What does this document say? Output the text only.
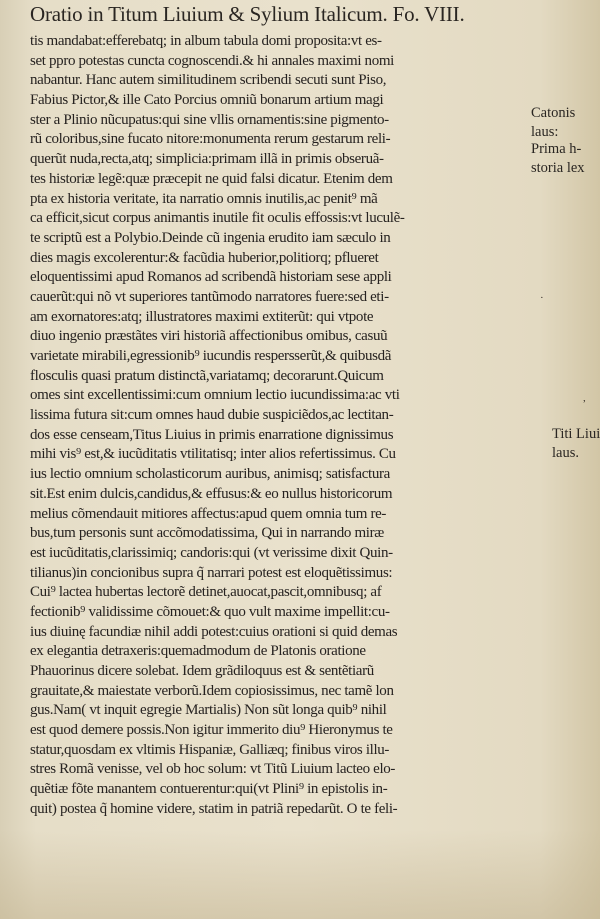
Oratio in Titum Liuium & Sylium Italicum. Fo. VIII.
tis mandabat:efferebatq; in album tabula domi proposita:vt es-
set ppro potestas cuncta cognoscendi.& hi annales maximi nomi
nabantur. Hanc autem similitudinem scribendi secuti sunt Piso,
Fabius Pictor,& ille Cato Porcius omniũ bonarum artium magi
ster a Plinio nũcupatus:qui sine vllis ornamentis:sine pigmento-
rũ coloribus,sine fucato nitore:monumenta rerum gestarum reli-
querũt nuda,recta,atq; simplicia:primam illã in primis obseruã-
tes historiæ legẽ:quæ præcepit ne quid falsi dicatur. Etenim dem
pta ex historia veritate, ita narratio omnis inutilis,ac penit⁹ mã
ca efficit,sicut corpus animantis inutile fit oculis effossis:vt luculẽ-
te scriptũ est a Polybio.Deinde cũ ingenia erudito iam sæculo in
dies magis excolerentur:& facũdia huberior,politiorq; pflueret
eloquentissimi apud Romanos ad scribendã historiam sese appli
cauerũt:qui nõ vt superiores tantũmodo narratores fuere:sed eti-
am exornatores:atq; illustratores maximi extiterũt: qui vtpote
diuo ingenio præstãtes viri historiã affectionibus omibus, casuũ
varietate mirabili,egressionib⁹ iucundis respersserũt,& quibusdã
flosculis quasi pratum distinctã,variatamq; decorarunt.Quicum
omes sint excellentissimi:cum omnium lectio iucundissima:ac vti
lissima futura sit:cum omnes haud dubie suspiciẽdos,ac lectitan-
dos esse censeam,Titus Liuius in primis enarratione dignissimus
mihi vis⁹ est,& iucũditatis vtilitatisq; inter alios refertissimus. Cu
ius lectio omnium scholasticorum auribus, animisq; satisfactura
sit.Est enim dulcis,candidus,& effusus:& eo nullus historicorum
melius cõmendauit mitiores affectus:apud quem omnia tum re-
bus,tum personis sunt accõmodatissima, Qui in narrando miræ
est iucũditatis,clarissimiq; candoris:qui (vt verissime dixit Quin-
tilianus)in concionibus supra q̃ narrari potest est eloquẽtissimus:
Cui⁹ lactea hubertas lectorẽ detinet,auocat,pascit,omnibusq; af
fectionib⁹ validissime cõmouet:& quo vult maxime impellit:cu-
ius diuinę facundiæ nihil addi potest:cuius orationi si quid demas
ex elegantia detraxeris:quemadmodum de Platonis oratione
Phauorinus dicere solebat. Idem grãdiloquus est & sentẽtiarũ
grauitate,& maiestate verborũ.Idem copiosissimus, nec tamẽ lon
gus.Nam( vt inquit egregie Martialis) Non sũt longa quib⁹ nihil
est quod demere possis.Non igitur immerito diu⁹ Hieronymus te
statur,quosdam ex vltimis Hispaniæ, Galliæq; finibus viros illu-
stres Romã venisse, vel ob hoc solum: vt Titũ Liuium lacteo elo-
quẽtiæ fõte manantem contuerentur:qui(vt Plini⁹ in epistolis in-
quit) postea q̃ homine videre, statim in patriã repedarũt. O te feli-
Catonis
laus:
Prima h-
storia lex
Titi Liui
laus.
·
,
